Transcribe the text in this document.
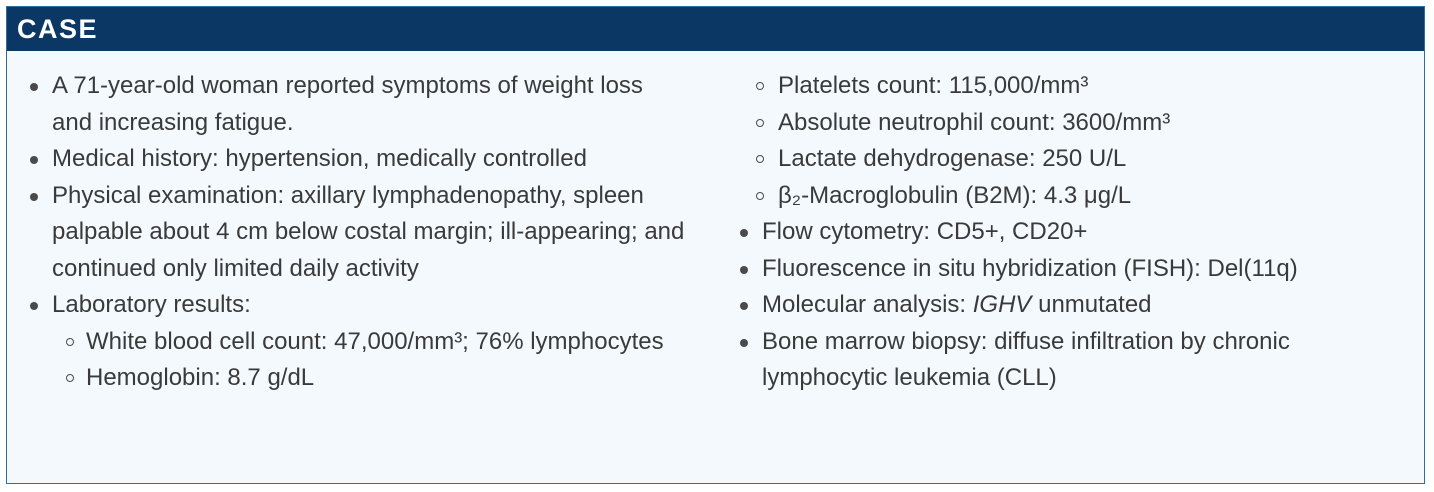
CASE
A 71-year-old woman reported symptoms of weight loss and increasing fatigue.
Medical history: hypertension, medically controlled
Physical examination: axillary lymphadenopathy, spleen palpable about 4 cm below costal margin; ill-appearing; and continued only limited daily activity
Laboratory results:
White blood cell count: 47,000/mm³; 76% lymphocytes
Hemoglobin: 8.7 g/dL
Platelets count: 115,000/mm³
Absolute neutrophil count: 3600/mm³
Lactate dehydrogenase: 250 U/L
β₂-Macroglobulin (B2M): 4.3 μg/L
Flow cytometry: CD5+, CD20+
Fluorescence in situ hybridization (FISH): Del(11q)
Molecular analysis: IGHV unmutated
Bone marrow biopsy: diffuse infiltration by chronic lymphocytic leukemia (CLL)
